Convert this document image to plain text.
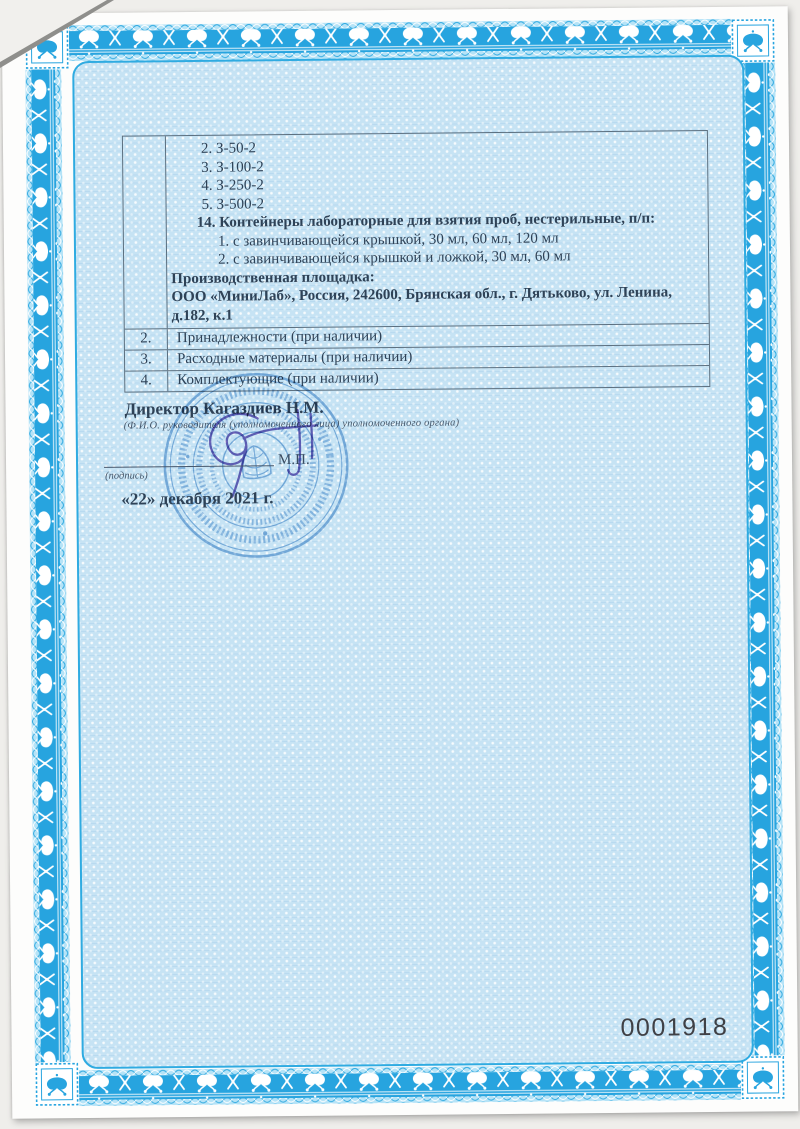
2. З-50-2
3. З-100-2
4. З-250-2
5. З-500-2
14. Контейнеры лабораторные для взятия проб, нестерильные, п/п:
1. с завинчивающейся крышкой, 30 мл, 60 мл, 120 мл
2. с завинчивающейся крышкой и ложкой, 30 мл, 60 мл
Производственная площадка:
ООО «МиниЛаб», Россия, 242600, Брянская обл., г. Дятьково, ул. Ленина,
д.182, к.1
2.	Принадлежности (при наличии)
3.	Расходные материалы (при наличии)
4.	Комплектующие (при наличии)
Директор Кагаздиев Н.М.
(Ф.И.О. руководителя (уполномоченного лица) уполномоченного органа)
М.П.
(подпись)
«22» декабря 2021 г.
0001918
